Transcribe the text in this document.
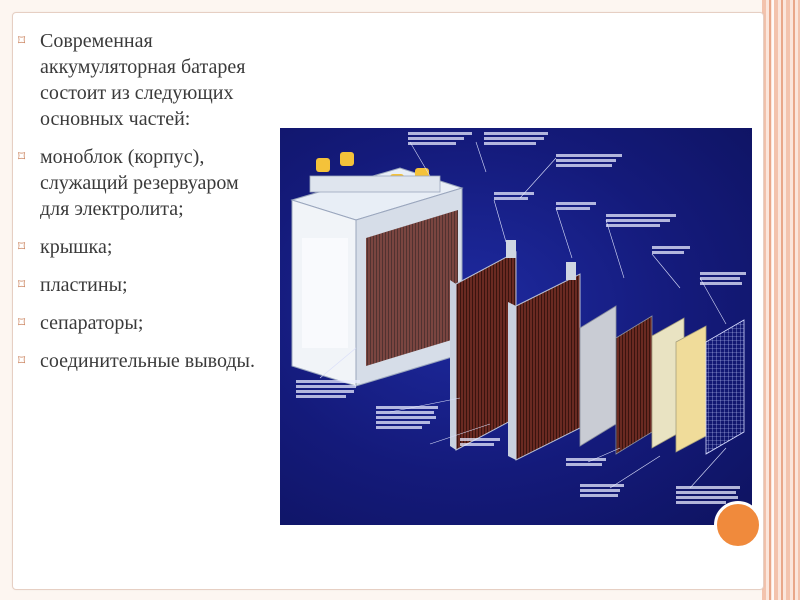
⌑ Современная аккумуляторная батарея состоит из следующих основных частей:
⌑ моноблок (корпус), служащий резервуаром для электролита;
⌑ крышка;
⌑ пластины;
⌑ сепараторы;
⌑ соединительные выводы.
